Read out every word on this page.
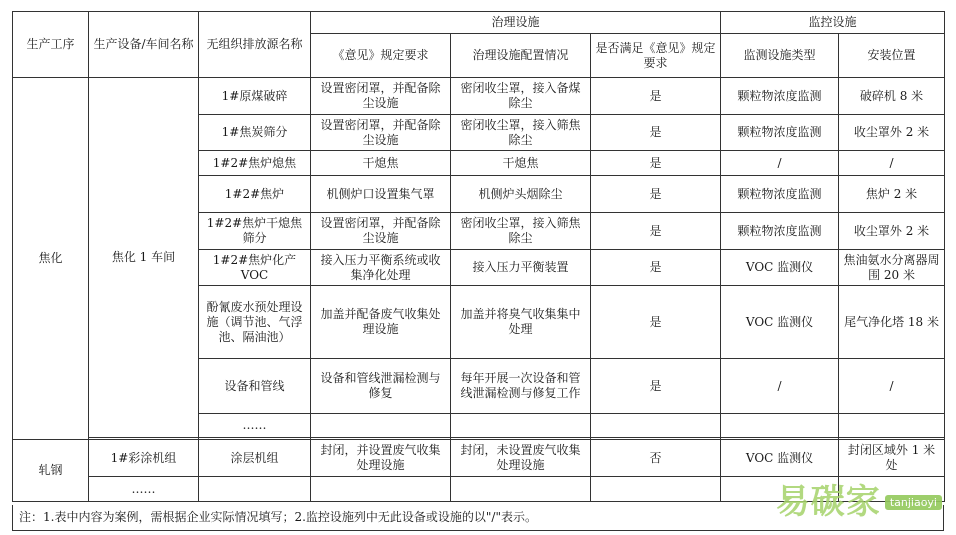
生产工序	生产设备/车间名称	无组织排放源名称	治理设施			监控设施	
			《意见》规定要求	治理设施配置情况	是否满足《意见》规定要求	监测设施类型	安装位置
焦化	焦化 1 车间	1#原煤破碎	设置密闭罩，并配备除尘设施	密闭收尘罩，接入备煤除尘	是	颗粒物浓度监测	破碎机 8 米
		1#焦炭筛分	设置密闭罩，并配备除尘设施	密闭收尘罩，接入筛焦除尘	是	颗粒物浓度监测	收尘罩外 2 米
		1#2#焦炉熄焦	干熄焦	干熄焦	是	/	/
		1#2#焦炉	机侧炉口设置集气罩	机侧炉头烟除尘	是	颗粒物浓度监测	焦炉 2 米
		1#2#焦炉干熄焦筛分	设置密闭罩，并配备除尘设施	密闭收尘罩，接入筛焦除尘	是	颗粒物浓度监测	收尘罩外 2 米
		1#2#焦炉化产VOC	接入压力平衡系统或收集净化处理	接入压力平衡装置	是	VOC 监测仪	焦油氨水分离器周围 20 米
		酚氰废水预处理设施（调节池、气浮池、隔油池）	加盖并配备废气收集处理设施	加盖并将臭气收集集中处理	是	VOC 监测仪	尾气净化塔 18 米
		设备和管线	设备和管线泄漏检测与修复	每年开展一次设备和管线泄漏检测与修复工作	是	/	/
		……					

轧钢	1#彩涂机组	涂层机组	封闭，并设置废气收集处理设施	封闭，未设置废气收集处理设施	否	VOC 监测仪	封闭区域外 1 米处
	……						
注：1.表中内容为案例，需根据企业实际情况填写；2.监控设施列中无此设备或设施的以"/"表示。	易碳家 tanjiaoyi
